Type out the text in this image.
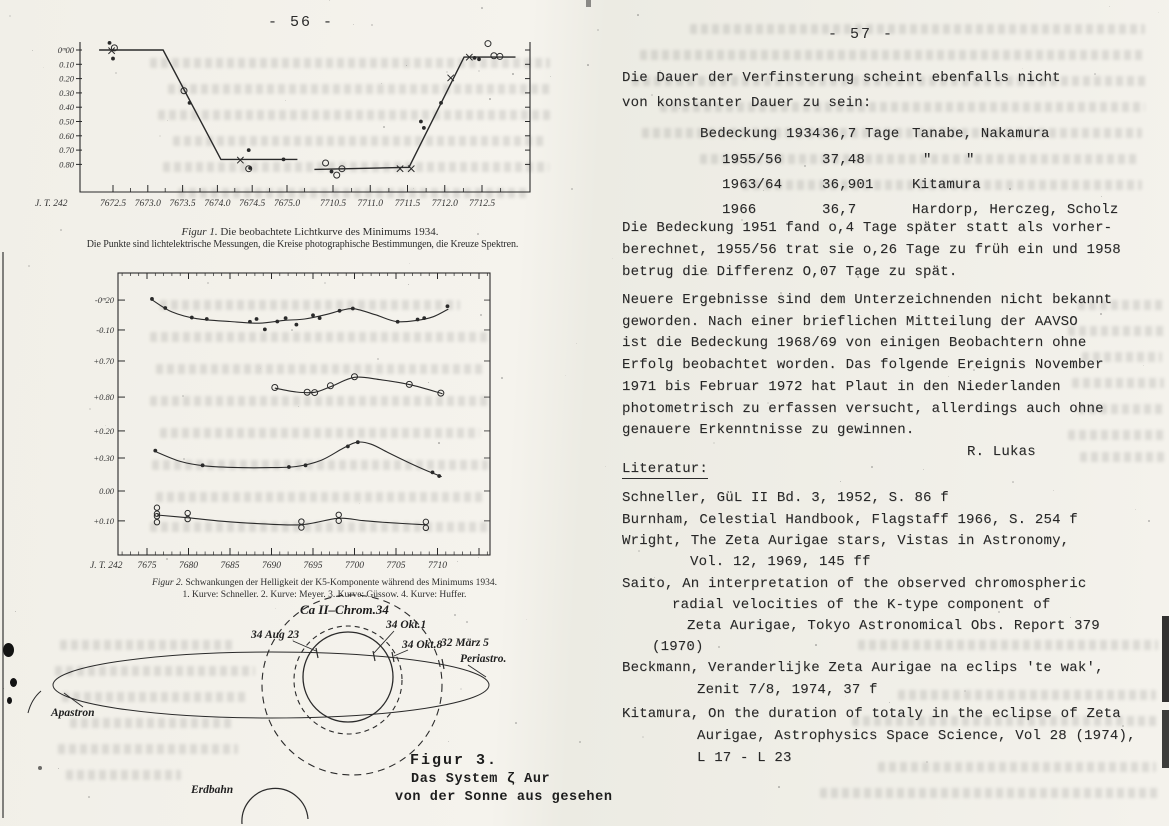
- 56 -
0ᵐ00
0.10
0.20
0.30
0.40
0.50
0.60
0.70
0.80
7672.5 7673.0 7673.5 7674.0 7674.5 7675.0 7710.5 7711.0 7711.5 7712.0 7712.5
J. T. 242
Figur 1. Die beobachtete Lichtkurve des Minimums 1934.
Die Punkte sind lichtelektrische Messungen, die Kreise photographische Bestimmungen, die Kreuze Spektren.
7675 7680 7685 7690 7695 7700 7705 7710
J. T. 242
-0ᵐ20
-0.10
+0.70
+0.80
+0.20
+0.30
0.00
+0.10
Figur 2. Schwankungen der Helligkeit der K5-Komponente während des Minimums 1934.
1. Kurve: Schneller. 2. Kurve: Meyer. 3. Kurve: Güssow. 4. Kurve: Huffer.
Ca II–Chrom.34
34 Aug 23
34 Okt.1
34 Okt.8
32 März 5
Periastro.
Apastron
Erdbahn
Figur 3.
Das System ζ Aur
von der Sonne aus gesehen
- 57 -
Die Dauer der Verfinsterung scheint ebenfalls nicht
von konstanter Dauer zu sein:
Bedeckung 1934 36,7 Tage Tanabe, Nakamura
1955/56	37,48	"    "
1963/64	36,901	Kitamura
1966	36,7	Hardorp, Herczeg, Scholz
Die Bedeckung 1951 fand o,4 Tage später statt als vorher-
berechnet, 1955/56 trat sie o,26 Tage zu früh ein und 1958
betrug die Differenz O,07 Tage zu spät.
Neuere Ergebnisse sind dem Unterzeichnenden nicht bekannt
geworden. Nach einer brieflichen Mitteilung der AAVSO
ist die Bedeckung 1968/69 von einigen Beobachtern ohne
Erfolg beobachtet worden. Das folgende Ereignis November
1971 bis Februar 1972 hat Plaut in den Niederlanden
photometrisch zu erfassen versucht, allerdings auch ohne
genauere Erkenntnisse zu gewinnen.
R. Lukas
Literatur:
Schneller, GüL II Bd. 3, 1952, S. 86 f
Burnham, Celestial Handbook, Flagstaff 1966, S. 254 f
Wright, The Zeta Aurigae stars, Vistas in Astronomy,
Vol. 12, 1969, 145 ff
Saito, An interpretation of the observed chromospheric
radial velocities of the K-type component of
Zeta Aurigae, Tokyo Astronomical Obs. Report 379
(1970)
Beckmann, Veranderlijke Zeta Aurigae na eclips 'te wak',
Zenit 7/8, 1974, 37 f
Kitamura, On the duration of totaly in the eclipse of Zeta
Aurigae, Astrophysics Space Science, Vol 28 (1974),
L 17 - L 23
